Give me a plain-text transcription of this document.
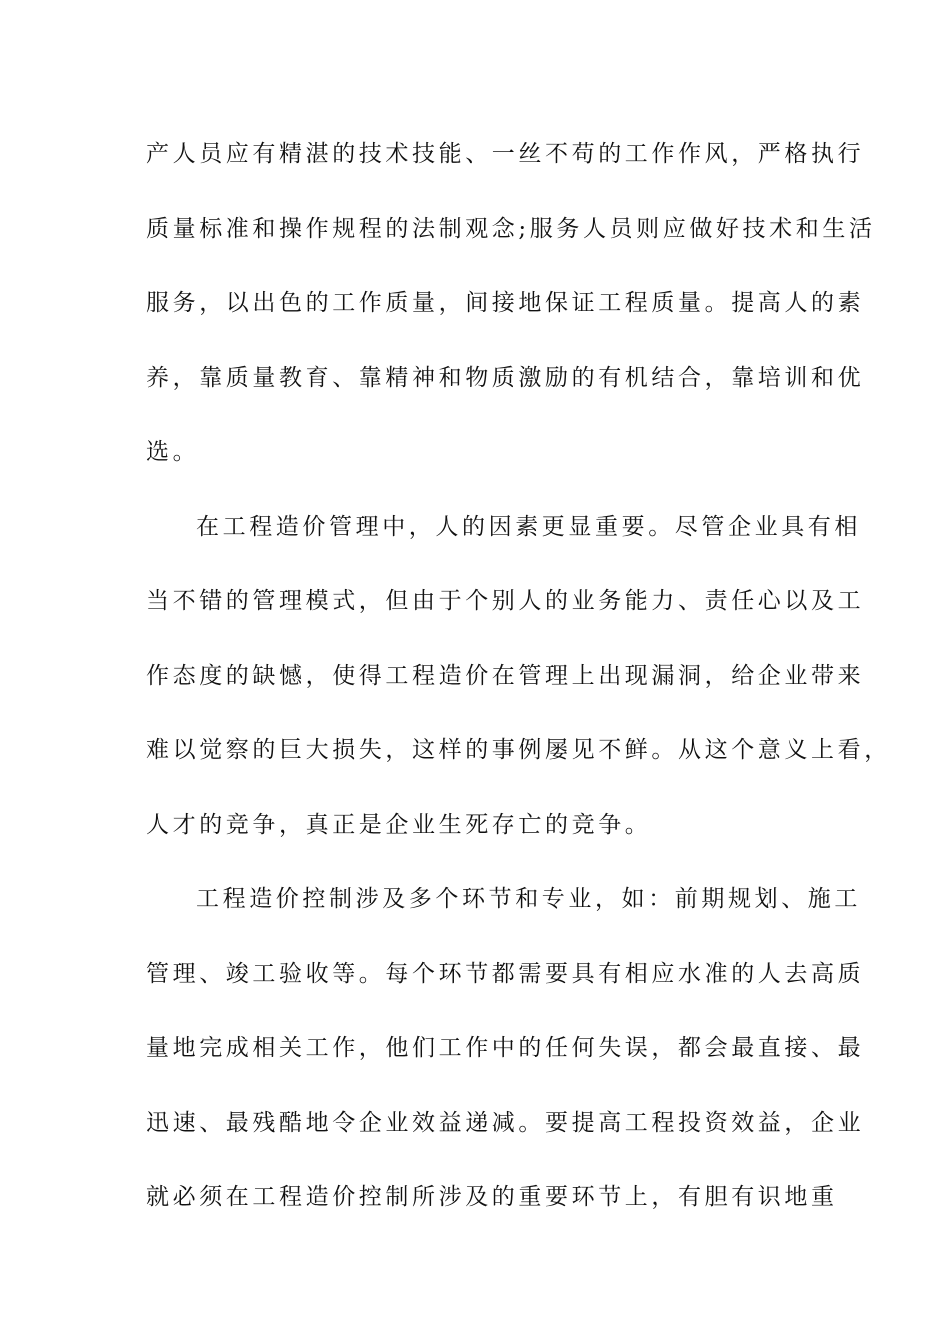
产人员应有精湛的技术技能、一丝不苟的工作作风，严格执行
质量标准和操作规程的法制观念;服务人员则应做好技术和生活
服务，以出色的工作质量，间接地保证工程质量。提高人的素
养，靠质量教育、靠精神和物质激励的有机结合，靠培训和优
选。
在工程造价管理中，人的因素更显重要。尽管企业具有相
当不错的管理模式，但由于个别人的业务能力、责任心以及工
作态度的缺憾，使得工程造价在管理上出现漏洞，给企业带来
难以觉察的巨大损失，这样的事例屡见不鲜。从这个意义上看，
人才的竞争，真正是企业生死存亡的竞争。
工程造价控制涉及多个环节和专业，如：前期规划、施工
管理、竣工验收等。每个环节都需要具有相应水准的人去高质
量地完成相关工作，他们工作中的任何失误，都会最直接、最
迅速、最残酷地令企业效益递减。要提高工程投资效益，企业
就必须在工程造价控制所涉及的重要环节上，有胆有识地重
